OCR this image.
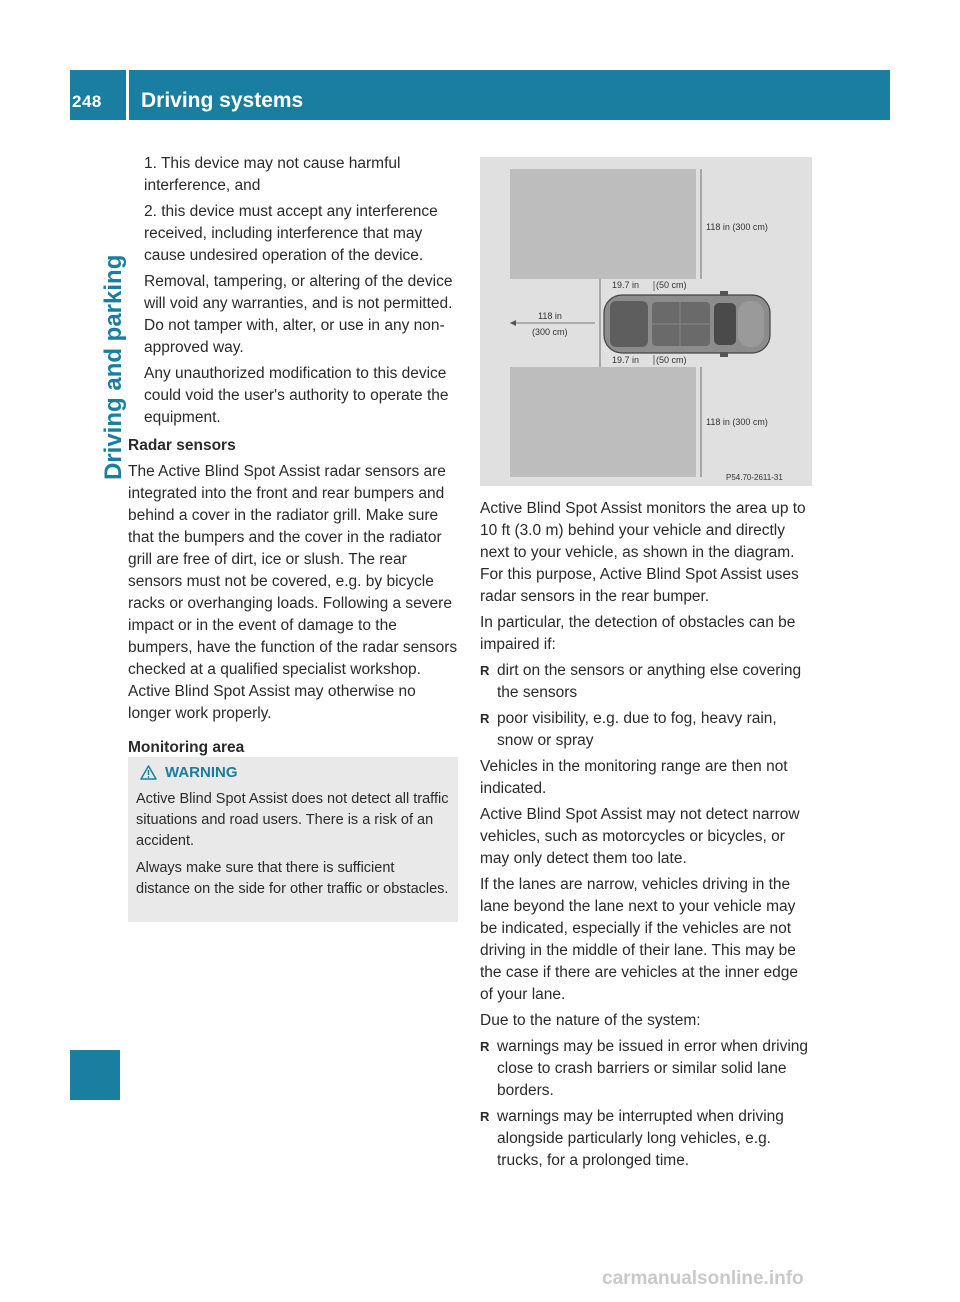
248	Driving systems
Driving and parking

1. This device may not cause harmful interference, and

2. this device must accept any interference received, including interference that may cause undesired operation of the device.

Removal, tampering, or altering of the device will void any warranties, and is not permitted. Do not tamper with, alter, or use in any non-approved way.

Any unauthorized modification to this device could void the user's authority to operate the equipment.

Radar sensors

The Active Blind Spot Assist radar sensors are integrated into the front and rear bumpers and behind a cover in the radiator grill. Make sure that the bumpers and the cover in the radiator grill are free of dirt, ice or slush. The rear sensors must not be covered, e.g. by bicycle racks or overhanging loads. Following a severe impact or in the event of damage to the bumpers, have the function of the radar sensors checked at a qualified specialist workshop. Active Blind Spot Assist may otherwise no longer work properly.

Monitoring area
WARNING

Active Blind Spot Assist does not detect all traffic situations and road users. There is a risk of an accident.

Always make sure that there is sufficient distance on the side for other traffic or obstacles.

118 in (300 cm)
118 in (300 cm)
19.7 in (50 cm)
19.7 in (50 cm)
118 in
(300 cm)
P54.70-2611-31

Active Blind Spot Assist monitors the area up to 10 ft (3.0 m) behind your vehicle and directly next to your vehicle, as shown in the diagram. For this purpose, Active Blind Spot Assist uses radar sensors in the rear bumper.

In particular, the detection of obstacles can be impaired if:

R dirt on the sensors or anything else covering the sensors
R poor visibility, e.g. due to fog, heavy rain, snow or spray

Vehicles in the monitoring range are then not indicated.

Active Blind Spot Assist may not detect narrow vehicles, such as motorcycles or bicycles, or may only detect them too late.

If the lanes are narrow, vehicles driving in the lane beyond the lane next to your vehicle may be indicated, especially if the vehicles are not driving in the middle of their lane. This may be the case if there are vehicles at the inner edge of your lane.

Due to the nature of the system:

R warnings may be issued in error when driving close to crash barriers or similar solid lane borders.
R warnings may be interrupted when driving alongside particularly long vehicles, e.g. trucks, for a prolonged time.
carmanualsonline.info
